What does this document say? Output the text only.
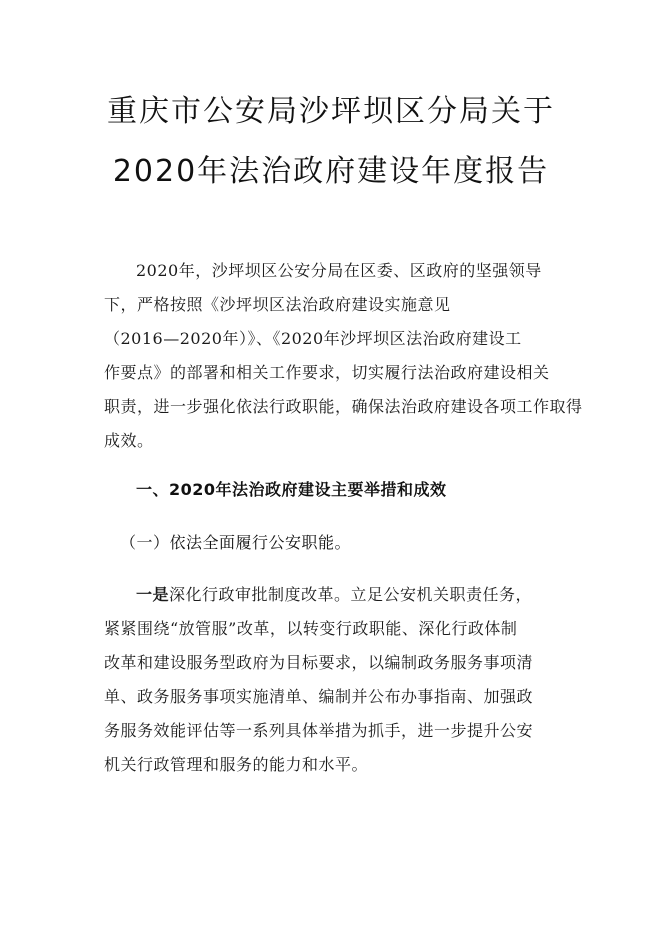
重庆市公安局沙坪坝区分局关于
2020年法治政府建设年度报告
2020年，沙坪坝区公安分局在区委、区政府的坚强领导
下，严格按照《沙坪坝区法治政府建设实施意见
（2016—2020年）》、《2020年沙坪坝区法治政府建设工
作要点》的部署和相关工作要求，切实履行法治政府建设相关
职责，进一步强化依法行政职能，确保法治政府建设各项工作取得
成效。
一、2020年法治政府建设主要举措和成效
（一）依法全面履行公安职能。
一是深化行政审批制度改革。立足公安机关职责任务，
紧紧围绕“放管服”改革，以转变行政职能、深化行政体制
改革和建设服务型政府为目标要求，以编制政务服务事项清
单、政务服务事项实施清单、编制并公布办事指南、加强政
务服务效能评估等一系列具体举措为抓手，进一步提升公安
机关行政管理和服务的能力和水平。
